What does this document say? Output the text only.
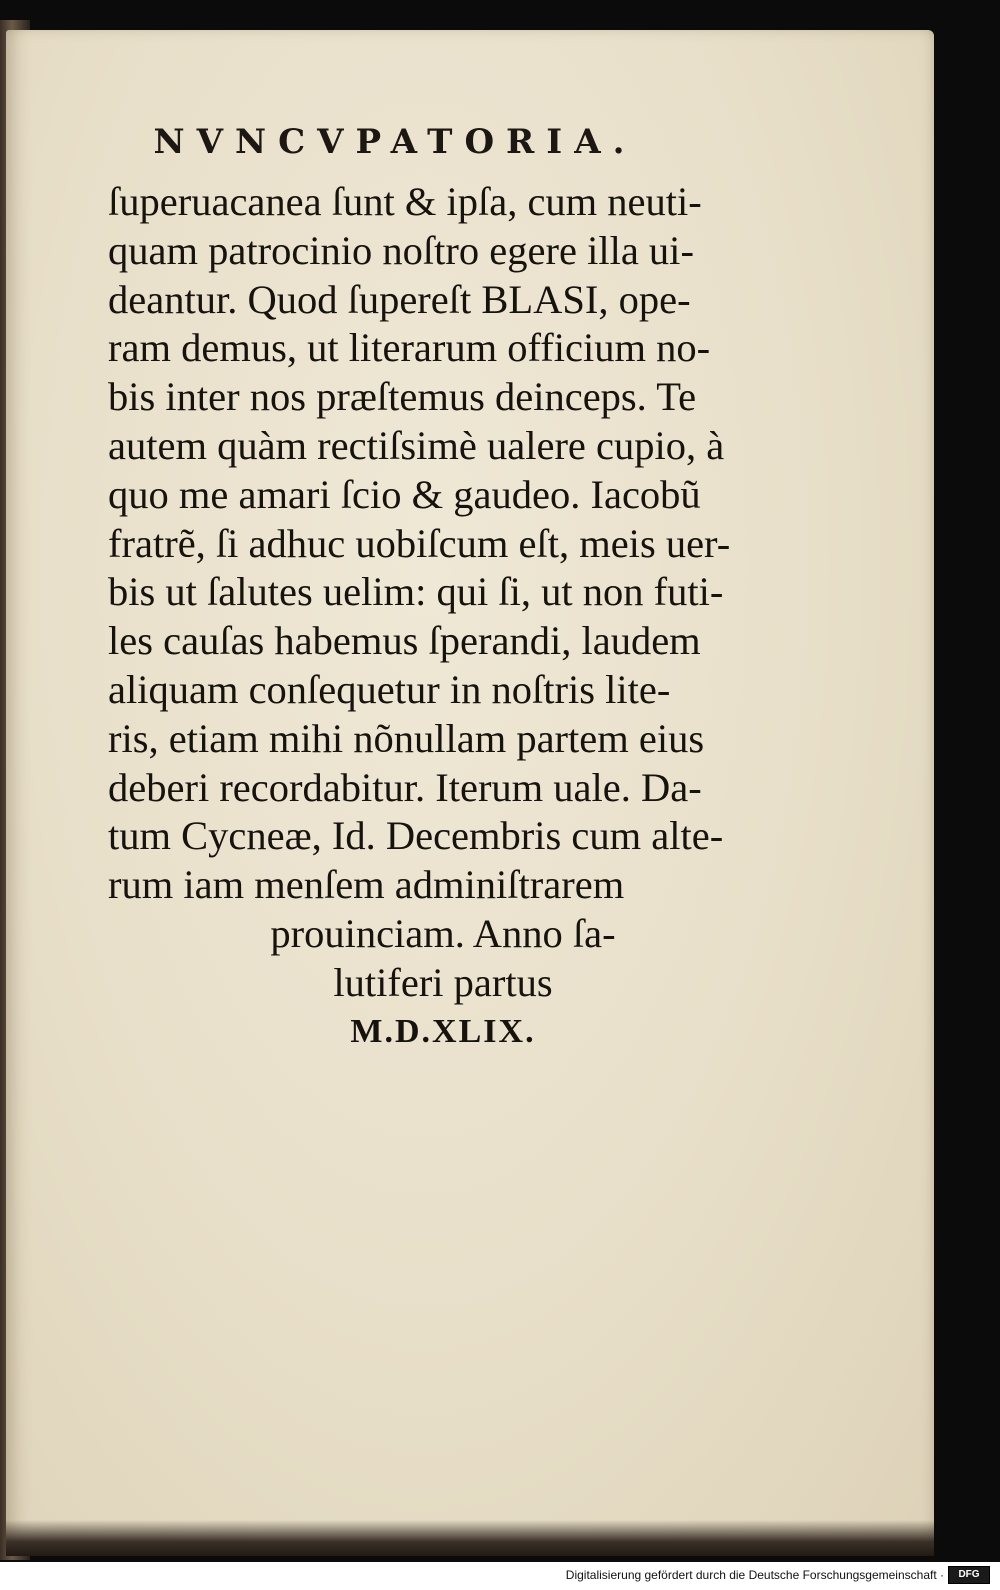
NVNCVPATORIA.
ſuperuacanea ſunt & ipſa, cum neuti-
quam patrocinio noſtro egere illa ui-
deantur. Quod ſupereſt BLASI, ope-
ram demus, ut literarum officium no-
bis inter nos præſtemus deinceps. Te
autem quàm rectiſsimè ualere cupio, à
quo me amari ſcio & gaudeo. Iacobũ
fratrẽ, ſi adhuc uobiſcum eſt, meis uer-
bis ut ſalutes uelim: qui ſi, ut non futi-
les cauſas habemus ſperandi, laudem
aliquam conſequetur in noſtris lite-
ris, etiam mihi nõnullam partem eius
deberi recordabitur. Iterum uale. Da-
tum Cycneæ, Id. Decembris cum alte-
rum iam menſem adminiſtrarem
prouinciam. Anno ſa-
lutiferi partus
M.D.XLIX.
Digitalisierung gefördert durch die Deutsche Forschungsgemeinschaft ·	DFG
